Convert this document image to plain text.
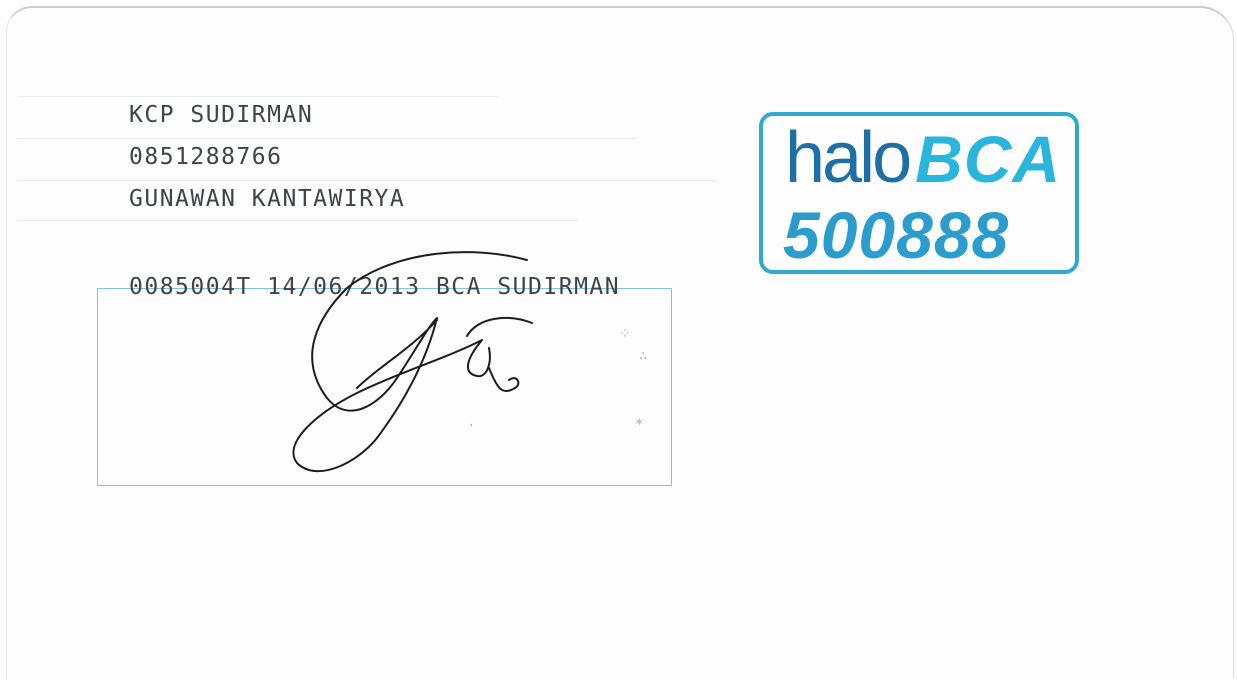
KCP SUDIRMAN
0851288766
GUNAWAN KANTAWIRYA
0085004T 14/06/2013 BCA SUDIRMAN
haloBCA
500888
⁘
∴
✶
·
